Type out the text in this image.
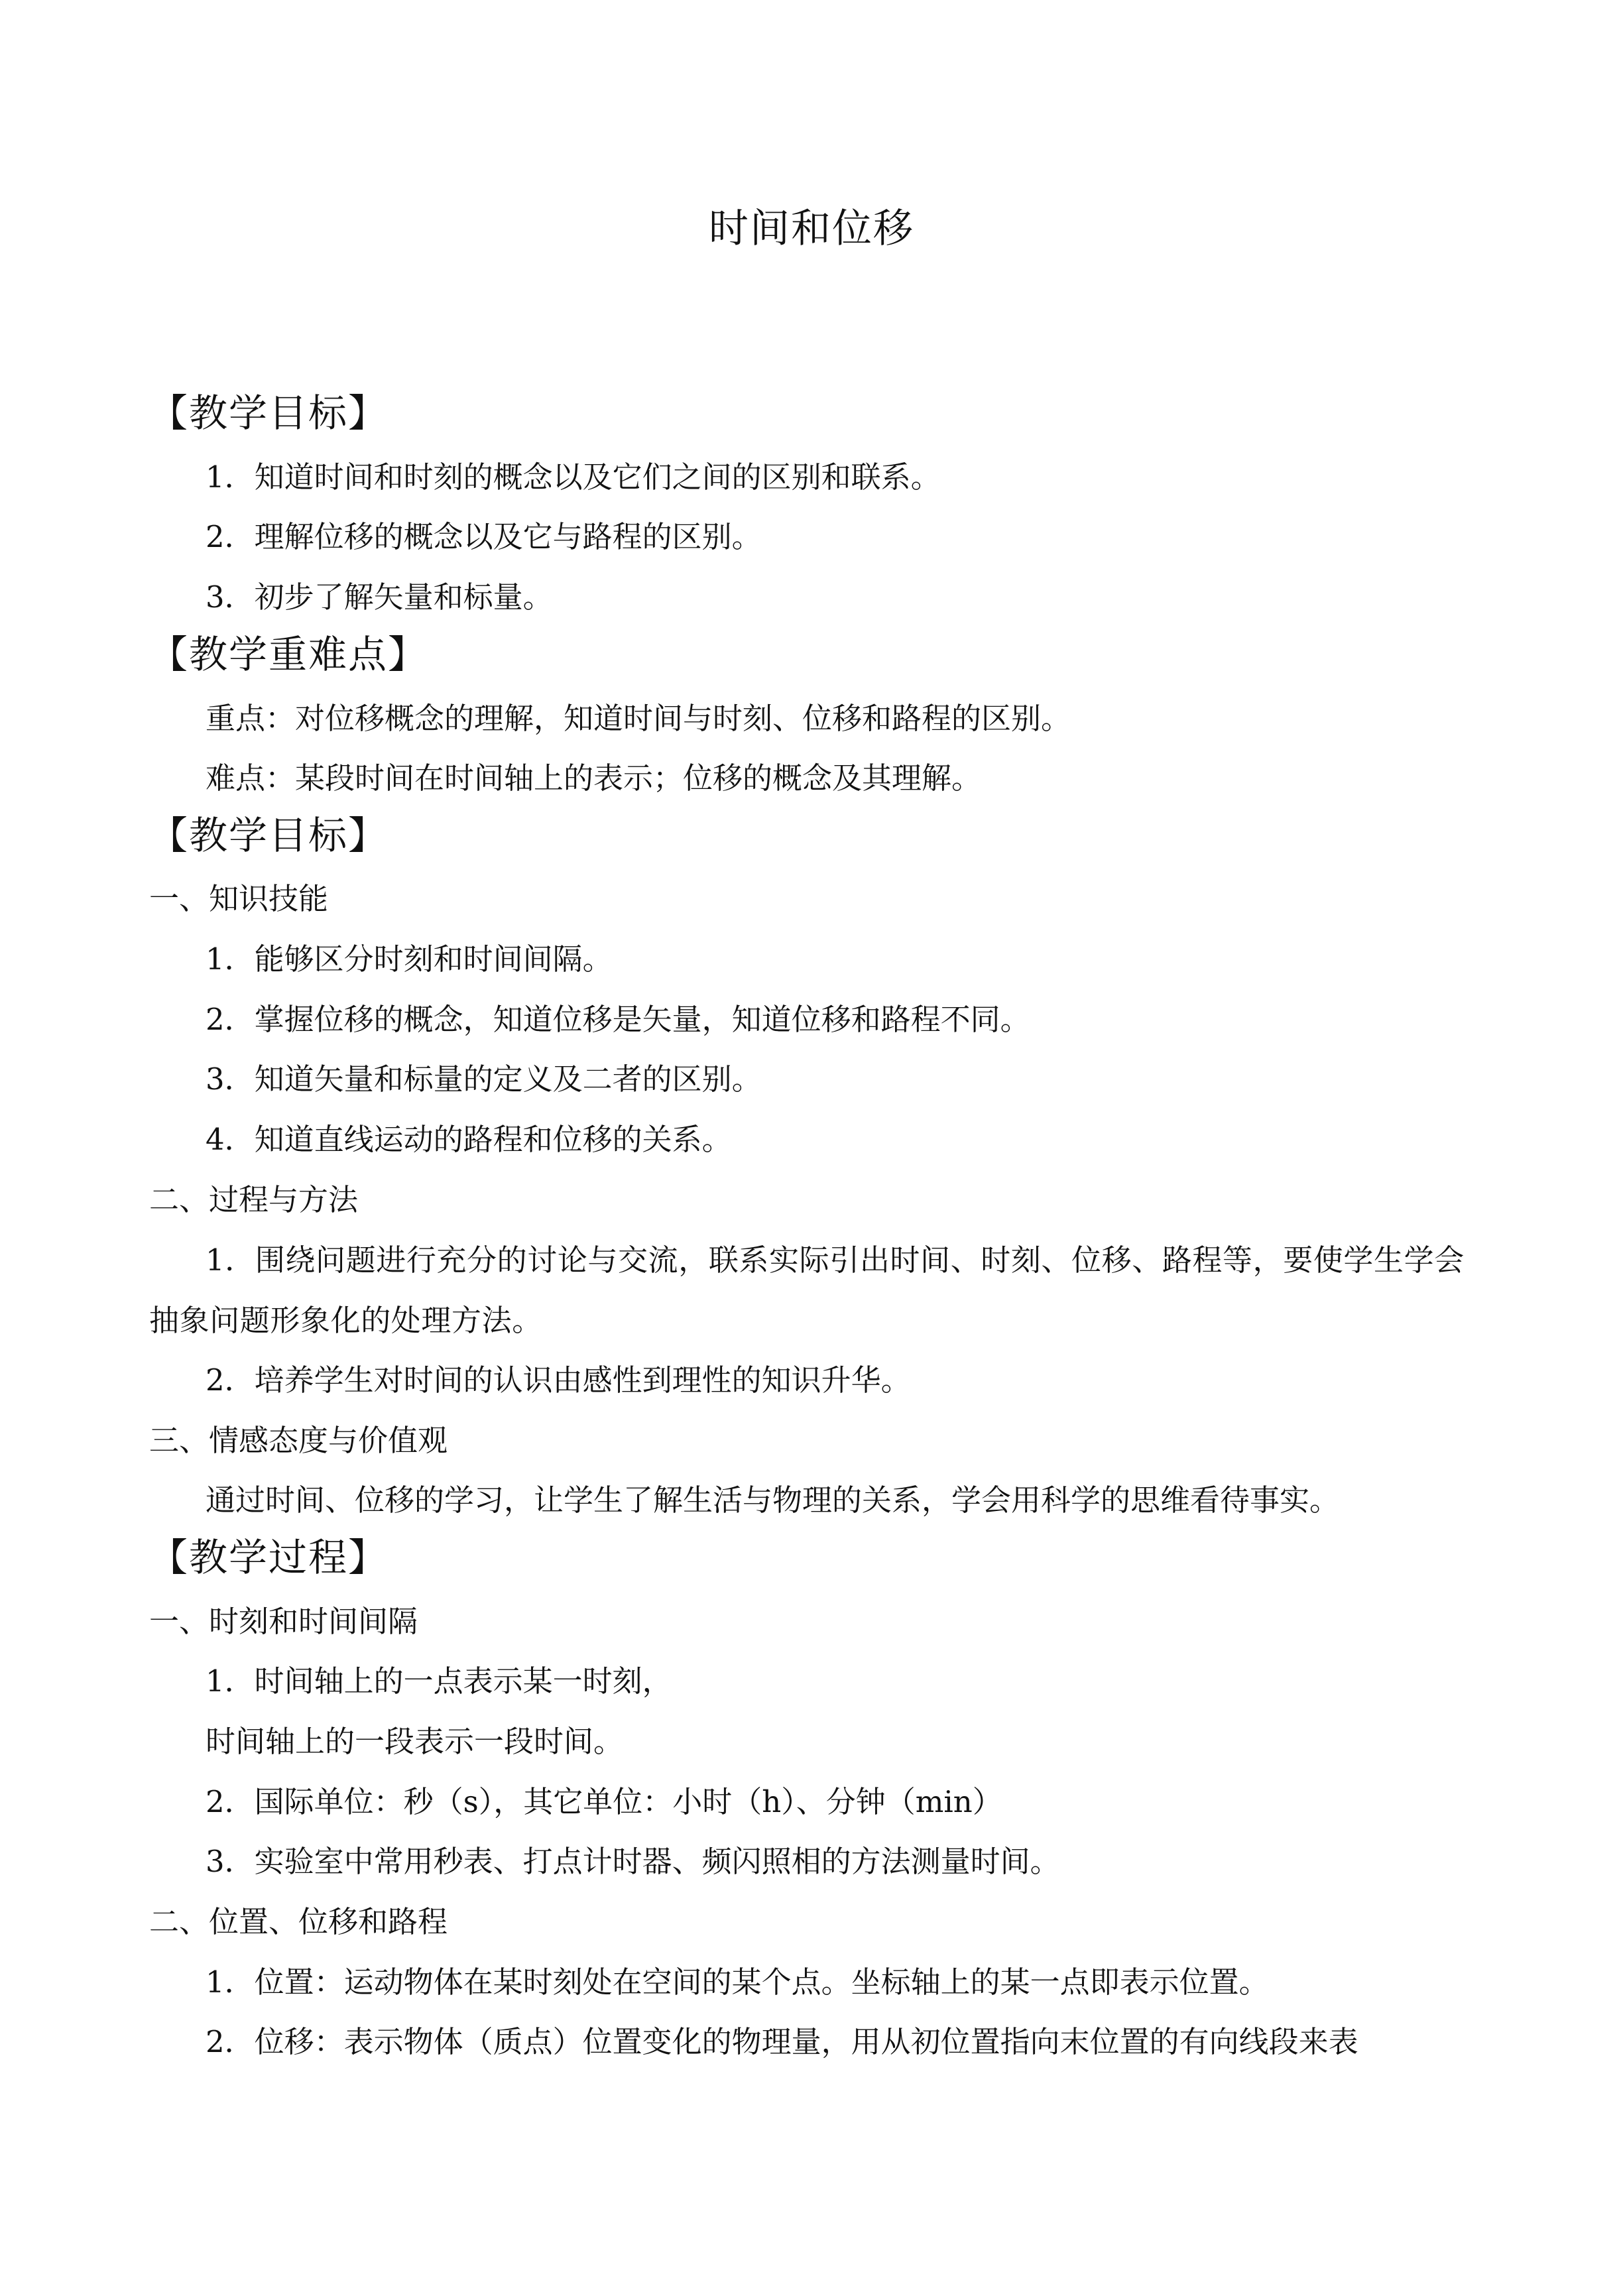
时间和位移
【教学目标】
1．知道时间和时刻的概念以及它们之间的区别和联系。
2．理解位移的概念以及它与路程的区别。
3．初步了解矢量和标量。
【教学重难点】
重点：对位移概念的理解，知道时间与时刻、位移和路程的区别。
难点：某段时间在时间轴上的表示；位移的概念及其理解。
【教学目标】
一、知识技能
1．能够区分时刻和时间间隔。
2．掌握位移的概念，知道位移是矢量，知道位移和路程不同。
3．知道矢量和标量的定义及二者的区别。
4．知道直线运动的路程和位移的关系。
二、过程与方法
1．围绕问题进行充分的讨论与交流，联系实际引出时间、时刻、位移、路程等，要使学生学会抽象问题形象化的处理方法。
2．培养学生对时间的认识由感性到理性的知识升华。
三、情感态度与价值观
通过时间、位移的学习，让学生了解生活与物理的关系，学会用科学的思维看待事实。
【教学过程】
一、时刻和时间间隔
1．时间轴上的一点表示某一时刻，
时间轴上的一段表示一段时间。
2．国际单位：秒（s），其它单位：小时（h）、分钟（min）
3．实验室中常用秒表、打点计时器、频闪照相的方法测量时间。
二、位置、位移和路程
1．位置：运动物体在某时刻处在空间的某个点。坐标轴上的某一点即表示位置。
2．位移：表示物体（质点）位置变化的物理量，用从初位置指向末位置的有向线段来表
